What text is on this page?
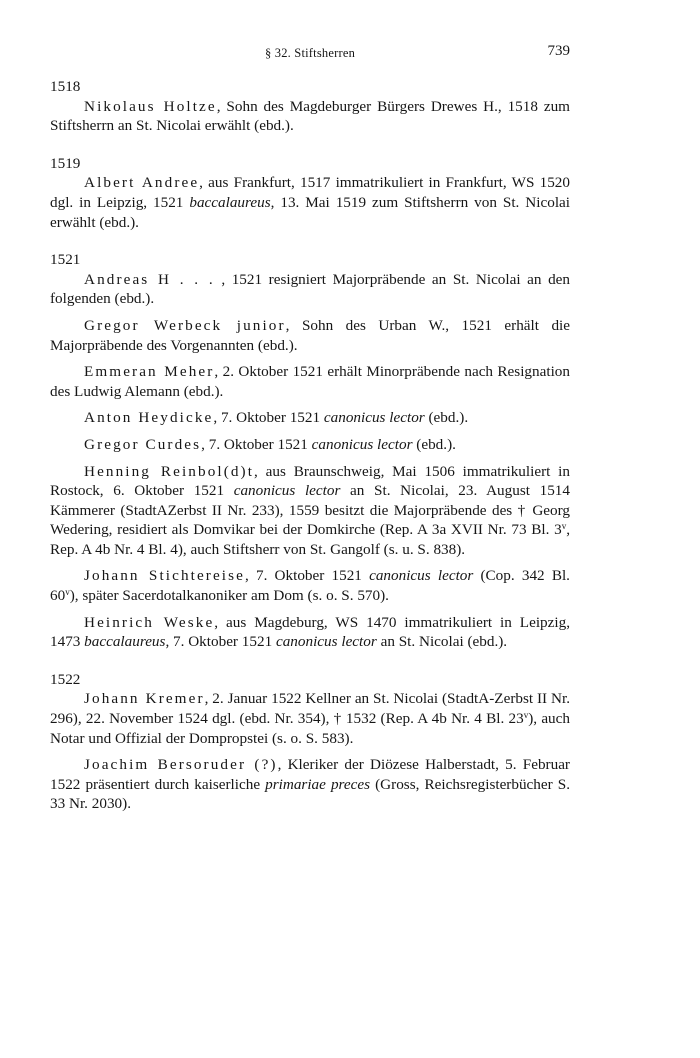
§ 32. Stiftsherren	739
1518

Nikolaus Holtze, Sohn des Magdeburger Bürgers Drewes H., 1518 zum Stiftsherrn an St. Nicolai erwählt (ebd.).

1519

Albert Andree, aus Frankfurt, 1517 immatrikuliert in Frankfurt, WS 1520 dgl. in Leipzig, 1521 baccalaureus, 13. Mai 1519 zum Stiftsherrn von St. Nicolai erwählt (ebd.).

1521

Andreas H . . . , 1521 resigniert Majorpräbende an St. Nicolai an den folgenden (ebd.).

Gregor Werbeck junior, Sohn des Urban W., 1521 erhält die Majorpräbende des Vorgenannten (ebd.).

Emmeran Meher, 2. Oktober 1521 erhält Minorpräbende nach Resignation des Ludwig Alemann (ebd.).

Anton Heydicke, 7. Oktober 1521 canonicus lector (ebd.).

Gregor Curdes, 7. Oktober 1521 canonicus lector (ebd.).

Henning Reinbol(d)t, aus Braunschweig, Mai 1506 immatrikuliert in Rostock, 6. Oktober 1521 canonicus lector an St. Nicolai, 23. August 1514 Kämmerer (StadtAZerbst II Nr. 233), 1559 besitzt die Majorpräbende des † Georg Wedering, residiert als Domvikar bei der Domkirche (Rep. A 3a XVII Nr. 73 Bl. 3$^v$, Rep. A 4b Nr. 4 Bl. 4), auch Stiftsherr von St. Gangolf (s. u. S. 838).

Johann Stichtereise, 7. Oktober 1521 canonicus lector (Cop. 342 Bl. 60$^v$), später Sacerdotalkanoniker am Dom (s. o. S. 570).

Heinrich Weske, aus Magdeburg, WS 1470 immatrikuliert in Leipzig, 1473 baccalaureus, 7. Oktober 1521 canonicus lector an St. Nicolai (ebd.).

1522

Johann Kremer, 2. Januar 1522 Kellner an St. Nicolai (StadtA-Zerbst II Nr. 296), 22. November 1524 dgl. (ebd. Nr. 354), † 1532 (Rep. A 4b Nr. 4 Bl. 23$^v$), auch Notar und Offizial der Dompropstei (s. o. S. 583).

Joachim Bersoruder (?), Kleriker der Diözese Halberstadt, 5. Februar 1522 präsentiert durch kaiserliche primariae preces (Gross, Reichsregisterbücher S. 33 Nr. 2030).
